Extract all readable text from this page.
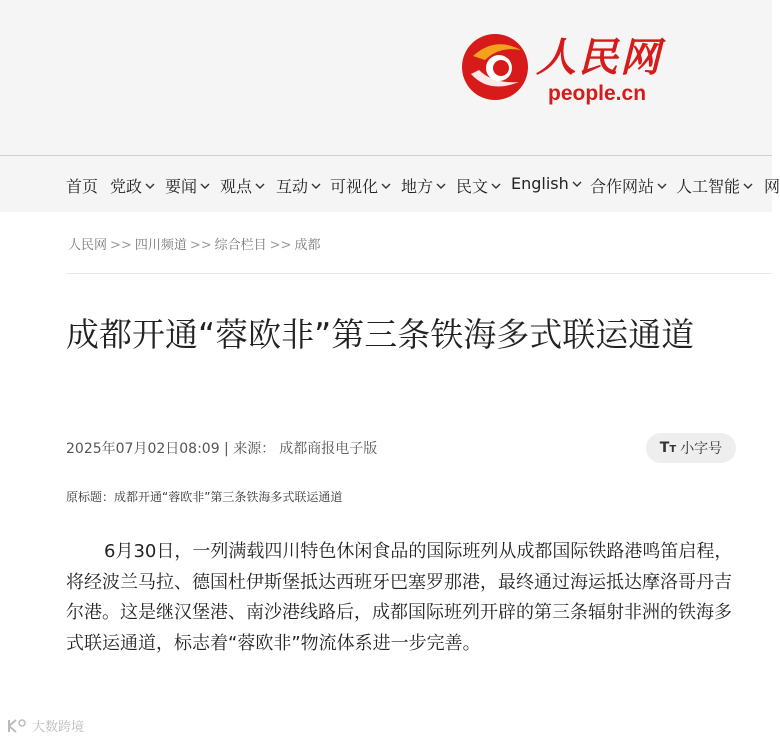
人民网
people.cn
首页 党政 要闻 观点 互动 可视化 地方 民文 English 合作网站 人工智能 网
人民网 >> 四川频道 >> 综合栏目 >> 成都
成都开通“蓉欧非”第三条铁海多式联运通道
2025年07月02日08:09 | 来源： 成都商报电子版	TT 小字号
原标题：成都开通“蓉欧非”第三条铁海多式联运通道

6月30日，一列满载四川特色休闲食品的国际班列从成都国际铁路港鸣笛启程，将经波兰马拉、德国杜伊斯堡抵达西班牙巴塞罗那港，最终通过海运抵达摩洛哥丹吉尔港。这是继汉堡港、南沙港线路后，成都国际班列开辟的第三条辐射非洲的铁海多式联运通道，标志着“蓉欧非”物流体系进一步完善。

大数跨境
